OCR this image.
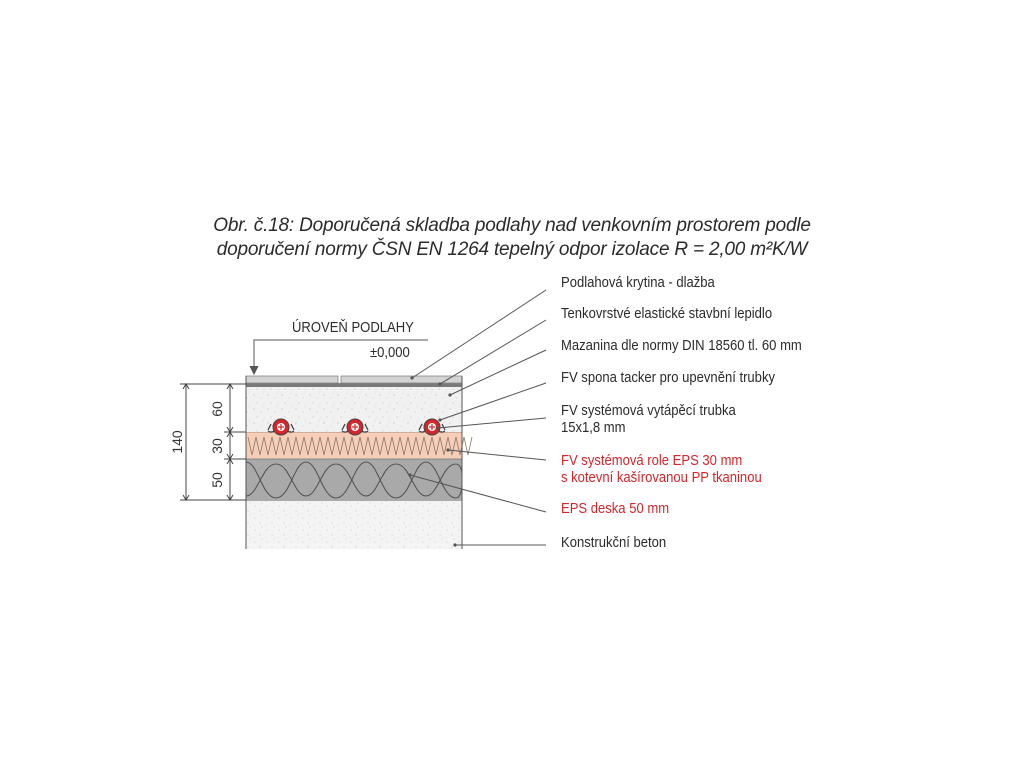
140
60
30
50
Obr. č.18: Doporučená skladba podlahy nad venkovním prostorem podle
doporučení normy ČSN EN 1264 tepelný odpor izolace R = 2,00 m²K/W
ÚROVEŇ PODLAHY
±0,000
Podlahová krytina - dlažba
Tenkovrstvé elastické stavbní lepidlo
Mazanina dle normy DIN 18560 tl. 60 mm
FV spona tacker pro upevnění trubky
FV systémová vytápěcí trubka
15x1,8 mm
FV systémová role EPS 30 mm
s kotevní kašírovanou PP tkaninou
EPS deska 50 mm
Konstrukční beton
